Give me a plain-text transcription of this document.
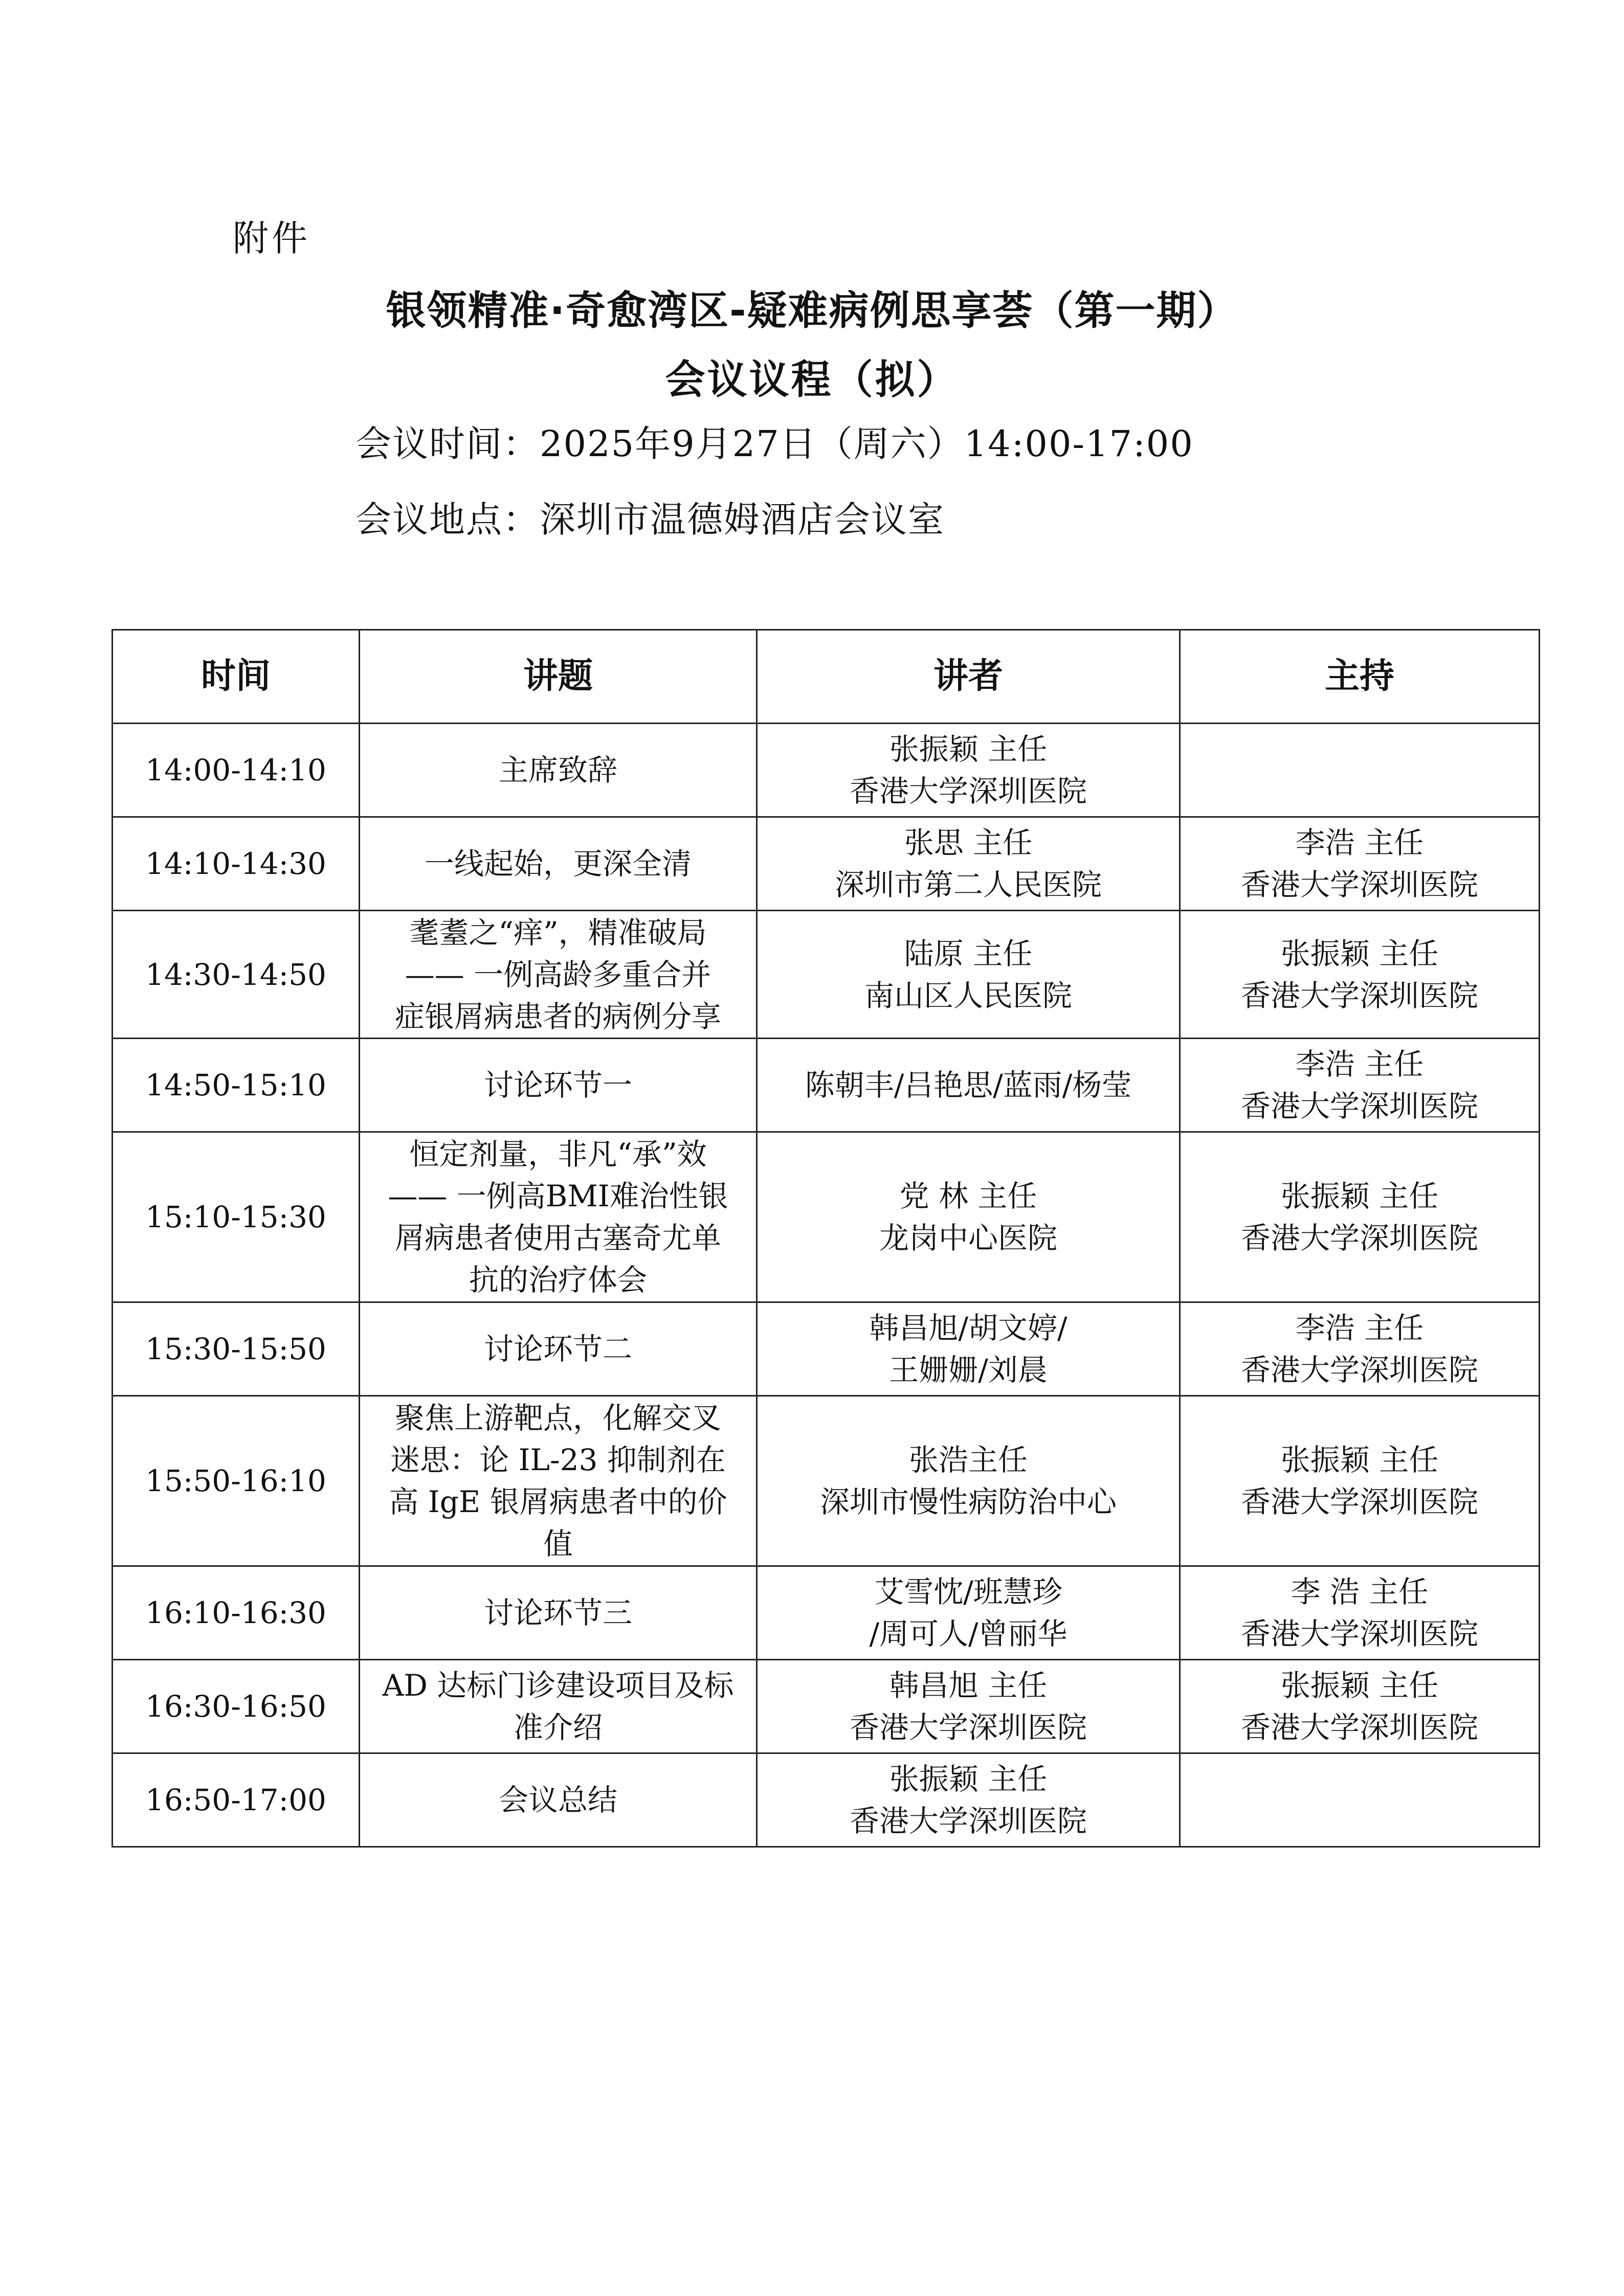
附件
银领精准·奇愈湾区-疑难病例思享荟（第一期）
会议议程（拟）
会议时间：2025年9月27日（周六）14:00-17:00
会议地点：深圳市温德姆酒店会议室
时间	讲题	讲者	主持
14:00-14:10	主席致辞	张振颖 主任
香港大学深圳医院	

14:10-14:30	一线起始，更深全清	张思 主任
深圳市第二人民医院	李浩 主任
香港大学深圳医院

14:30-14:50	耄耋之“痒”，精准破局
—— 一例高龄多重合并
症银屑病患者的病例分享	陆原 主任
南山区人民医院	张振颖 主任
香港大学深圳医院

14:50-15:10	讨论环节一	陈朝丰/吕艳思/蓝雨/杨莹	李浩 主任
香港大学深圳医院

15:10-15:30	恒定剂量，非凡“承”效
—— 一例高BMI难治性银
屑病患者使用古塞奇尤单
抗的治疗体会	党 林 主任
龙岗中心医院	张振颖 主任
香港大学深圳医院

15:30-15:50	讨论环节二	韩昌旭/胡文婷/
王姗姗/刘晨	李浩 主任
香港大学深圳医院

15:50-16:10	聚焦上游靶点，化解交叉
迷思：论 IL-23 抑制剂在
高 IgE 银屑病患者中的价
值	张浩主任
深圳市慢性病防治中心	张振颖 主任
香港大学深圳医院

16:10-16:30	讨论环节三	艾雪忱/班慧珍
/周可人/曾丽华	李 浩 主任
香港大学深圳医院

16:30-16:50	AD 达标门诊建设项目及标
准介绍	韩昌旭 主任
香港大学深圳医院	张振颖 主任
香港大学深圳医院

16:50-17:00	会议总结	张振颖 主任
香港大学深圳医院	
